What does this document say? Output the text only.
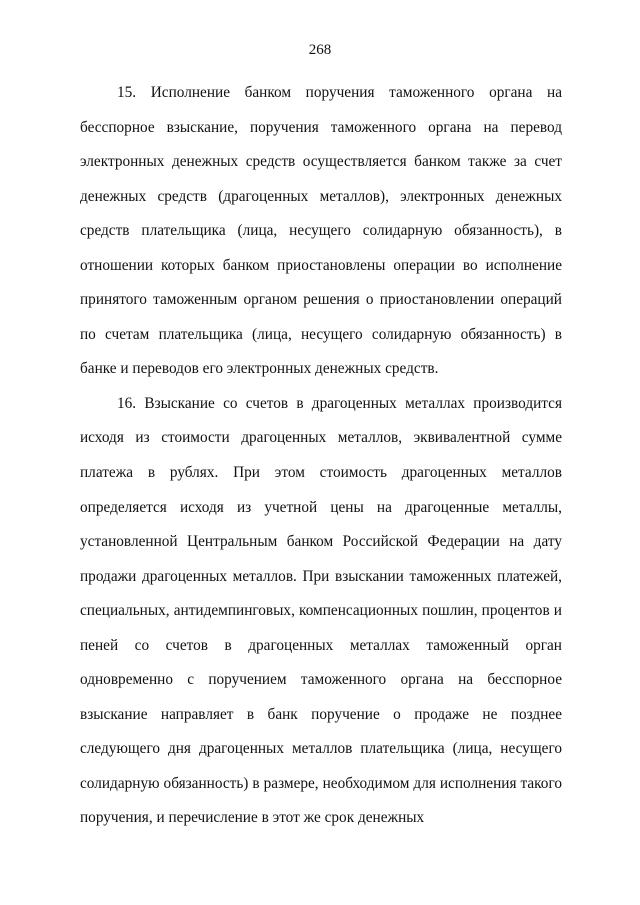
268

15. Исполнение банком поручения таможенного органа на бесспорное взыскание, поручения таможенного органа на перевод электронных денежных средств осуществляется банком также за счет денежных средств (драгоценных металлов), электронных денежных средств плательщика (лица, несущего солидарную обязанность), в отношении которых банком приостановлены операции во исполнение принятого таможенным органом решения о приостановлении операций по счетам плательщика (лица, несущего солидарную обязанность) в банке и переводов его электронных денежных средств.

16. Взыскание со счетов в драгоценных металлах производится исходя из стоимости драгоценных металлов, эквивалентной сумме платежа в рублях. При этом стоимость драгоценных металлов определяется исходя из учетной цены на драгоценные металлы, установленной Центральным банком Российской Федерации на дату продажи драгоценных металлов. При взыскании таможенных платежей, специальных, антидемпинговых, компенсационных пошлин, процентов и пеней со счетов в драгоценных металлах таможенный орган одновременно с поручением таможенного органа на бесспорное взыскание направляет в банк поручение о продаже не позднее следующего дня драгоценных металлов плательщика (лица, несущего солидарную обязанность) в размере, необходимом для исполнения такого поручения, и перечисление в этот же срок денежных
